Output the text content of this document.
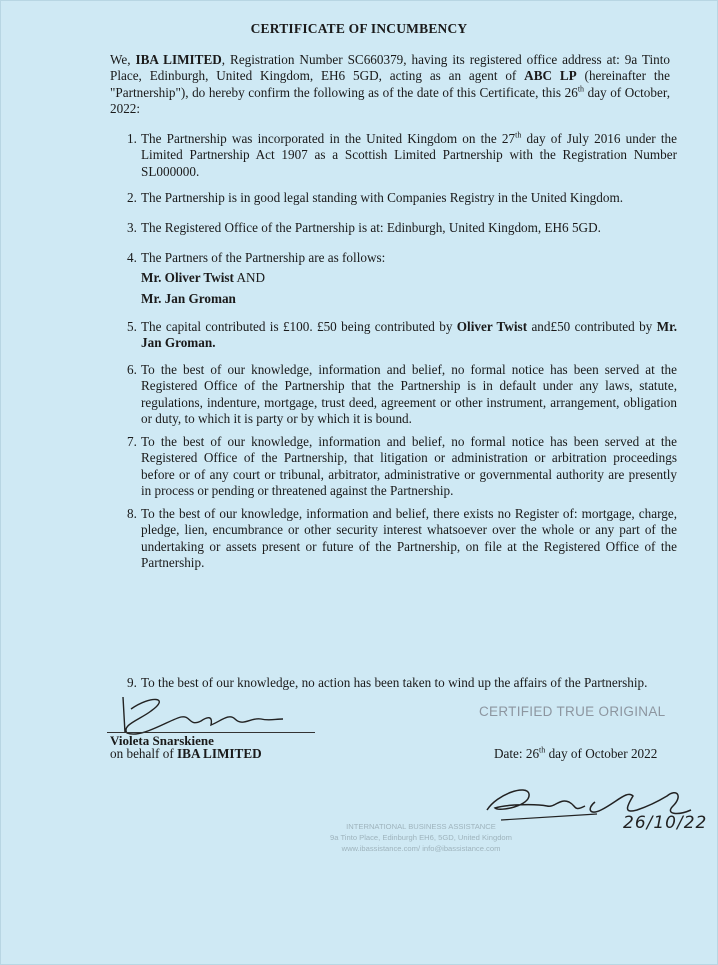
CERTIFICATE OF INCUMBENCY
We, IBA LIMITED, Registration Number SC660379, having its registered office address at: 9a Tinto Place, Edinburgh, United Kingdom, EH6 5GD, acting as an agent of ABC LP (hereinafter the "Partnership"), do hereby confirm the following as of the date of this Certificate, this 26th day of October, 2022:
1. The Partnership was incorporated in the United Kingdom on the 27th day of July 2016 under the Limited Partnership Act 1907 as a Scottish Limited Partnership with the Registration Number SL000000.
2. The Partnership is in good legal standing with Companies Registry in the United Kingdom.
3. The Registered Office of the Partnership is at: Edinburgh, United Kingdom, EH6 5GD.
4. The Partners of the Partnership are as follows:
Mr. Oliver Twist AND
Mr. Jan Groman
5. The capital contributed is £100. £50 being contributed by Oliver Twist and£50 contributed by Mr. Jan Groman.
6. To the best of our knowledge, information and belief, no formal notice has been served at the Registered Office of the Partnership that the Partnership is in default under any laws, statute, regulations, indenture, mortgage, trust deed, agreement or other instrument, arrangement, obligation or duty, to which it is party or by which it is bound.
7. To the best of our knowledge, information and belief, no formal notice has been served at the Registered Office of the Partnership, that litigation or administration or arbitration proceedings before or of any court or tribunal, arbitrator, administrative or governmental authority are presently in process or pending or threatened against the Partnership.
8. To the best of our knowledge, information and belief, there exists no Register of: mortgage, charge, pledge, lien, encumbrance or other security interest whatsoever over the whole or any part of the undertaking or assets present or future of the Partnership, on file at the Registered Office of the Partnership.
9. To the best of our knowledge, no action has been taken to wind up the affairs of the Partnership.
CERTIFIED TRUE ORIGINAL
Violeta Snarskiene
on behalf of IBA LIMITED	Date: 26th day of October 2022
26/10/22
INTERNATIONAL BUSINESS ASSISTANCE
9a Tinto Place, Edinburgh EH6, 5GD, United Kingdom
www.ibassistance.com/ info@ibassistance.com
